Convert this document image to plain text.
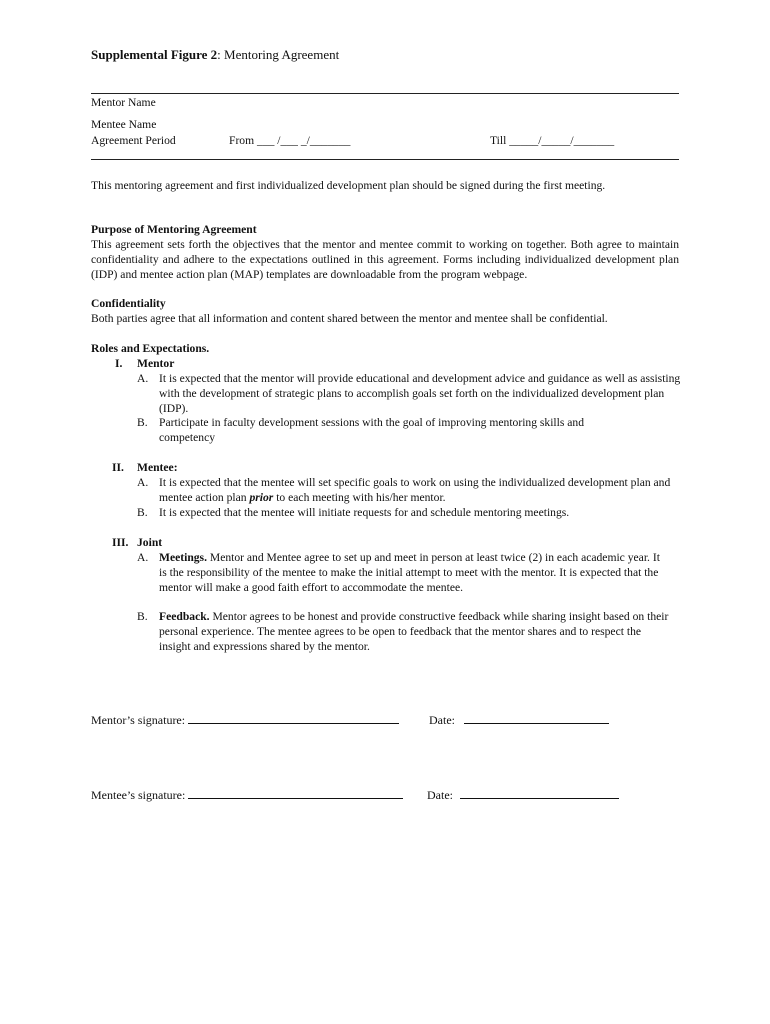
Supplemental Figure 2: Mentoring Agreement
Mentor Name
Mentee Name
Agreement Period	From ___ /___ _/_______	Till _____/_____/_______
This mentoring agreement and first individualized development plan should be signed during the first meeting.
Purpose of Mentoring Agreement
This agreement sets forth the objectives that the mentor and mentee commit to working on together. Both agree to maintain confidentiality and adhere to the expectations outlined in this agreement. Forms including individualized development plan (IDP) and mentee action plan (MAP) templates are downloadable from the program webpage.
Confidentiality
Both parties agree that all information and content shared between the mentor and mentee shall be confidential.
Roles and Expectations.
I. Mentor
A. It is expected that the mentor will provide educational and development advice and guidance as well as assisting with the development of strategic plans to accomplish goals set forth on the individualized development plan (IDP).
B. Participate in faculty development sessions with the goal of improving mentoring skills and competency
II. Mentee:
A. It is expected that the mentee will set specific goals to work on using the individualized development plan and mentee action plan prior to each meeting with his/her mentor.
B. It is expected that the mentee will initiate requests for and schedule mentoring meetings.
III. Joint
A. Meetings. Mentor and Mentee agree to set up and meet in person at least twice (2) in each academic year. It is the responsibility of the mentee to make the initial attempt to meet with the mentor. It is expected that the mentor will make a good faith effort to accommodate the mentee.
B. Feedback. Mentor agrees to be honest and provide constructive feedback while sharing insight based on their personal experience. The mentee agrees to be open to feedback that the mentor shares and to respect the insight and expressions shared by the mentor.
Mentor’s signature:	Date:
Mentee’s signature:	Date:
